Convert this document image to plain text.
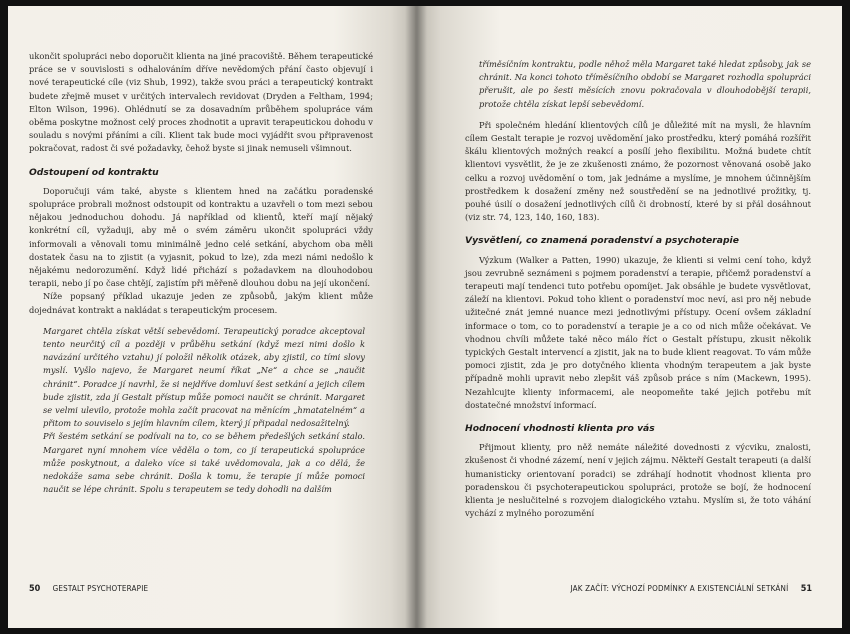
ukončit spolupráci nebo doporučit klienta na jiné pracoviště. Během terapeutické práce se v souvislosti s odhalováním dříve nevědomých přání často objevují i nové terapeutické cíle (viz Shub, 1992), takže svou práci a terapeutický kontrakt budete zřejmě muset v určitých intervalech revidovat (Dryden a Feltham, 1994; Elton Wilson, 1996). Ohlédnutí se za dosavadním průběhem spolupráce vám oběma poskytne možnost celý proces zhodnotit a upravit terapeutickou dohodu v souladu s novými přáními a cíli. Klient tak bude moci vyjádřit svou připravenost pokračovat, radost či své požadavky, čehož byste si jinak nemuseli všimnout.

Odstoupení od kontraktu

Doporučuji vám také, abyste s klientem hned na začátku poradenské spolupráce probrali možnost odstoupit od kontraktu a uzavřeli o tom mezi sebou nějakou jednoduchou dohodu. Já například od klientů, kteří mají nějaký konkrétní cíl, vyžaduji, aby mě o svém záměru ukončit spolupráci vždy informovali a věnovali tomu minimálně jedno celé setkání, abychom oba měli dostatek času na to zjistit (a vyjasnit, pokud to lze), zda mezi námi nedošlo k nějakému nedorozumění. Když lidé přichází s požadavkem na dlouhodobou terapii, nebo jí po čase chtějí, zajistím při měřeně dlouhou dobu na její ukončení.

Níže popsaný příklad ukazuje jeden ze způsobů, jakým klient může dojednávat kontrakt a nakládat s terapeutickým procesem.

Margaret chtěla získat větší sebevědomí. Terapeutický poradce akceptoval tento neurčitý cíl a později v průběhu setkání (když mezi nimi došlo k navázání určitého vztahu) jí položil několik otázek, aby zjistil, co tími slovy myslí. Vyšlo najevo, že Margaret neumí říkat „Ne“ a chce se „naučit chránit“. Poradce jí navrhl, že si nejdříve domluví šest setkání a jejich cílem bude zjistit, zda jí Gestalt přístup může pomoci naučit se chránit. Margaret se velmi ulevilo, protože mohla začít pracovat na měnícím „hmatatelném“ a přitom to souviselo s jejím hlavním cílem, který jí připadal nedosažitelný.

Při šestém setkání se podívali na to, co se během předešlých setkání stalo. Margaret nyní mnohem více věděla o tom, co jí terapeutická spolupráce může poskytnout, a daleko více si také uvědomovala, jak a co dělá, že nedokáže sama sebe chránit. Došla k tomu, že terapie jí může pomoci naučit se lépe chránit. Spolu s terapeutem se tedy dohodli na dalším

50 GESTALT PSYCHOTERAPIE

tříměsíčním kontraktu, podle něhož měla Margaret také hledat způsoby, jak se chránit. Na konci tohoto tříměsíčního období se Margaret rozhodla spolupráci přerušit, ale po šesti měsících znovu pokračovala v dlouhodobější terapii, protože chtěla získat lepší sebevědomí.

Při společném hledání klientových cílů je důležité mít na mysli, že hlavním cílem Gestalt terapie je rozvoj uvědomění jako prostředku, který pomáhá rozšířit škálu klientových možných reakcí a posílí jeho flexibilitu. Možná budete chtít klientovi vysvětlit, že je ze zkušenosti známo, že pozornost věnovaná osobě jako celku a rozvoj uvědomění o tom, jak jednáme a myslíme, je mnohem účinnějším prostředkem k dosažení změny než soustředění se na jednotlivé prožitky, tj. pouhé úsilí o dosažení jednotlivých cílů či drobností, které by si přál dosáhnout (viz str. 74, 123, 140, 160, 183).

Vysvětlení, co znamená poradenství a psychoterapie

Výzkum (Walker a Patten, 1990) ukazuje, že klienti si velmi cení toho, když jsou zevrubně seznámeni s pojmem poradenství a terapie, přičemž poradenství a terapeuti mají tendenci tuto potřebu opomíjet. Jak obsáhle je budete vysvětlovat, záleží na klientovi. Pokud toho klient o poradenství moc neví, asi pro něj nebude užitečné znát jemné nuance mezi jednotlivými přístupy. Ocení ovšem základní informace o tom, co to poradenství a terapie je a co od nich může očekávat. Ve vhodnou chvíli můžete také něco málo říct o Gestalt přístupu, zkusit několik typických Gestalt intervencí a zjistit, jak na to bude klient reagovat. To vám může pomoci zjistit, zda je pro dotyčného klienta vhodným terapeutem a jak byste případně mohli upravit nebo zlepšit váš způsob práce s ním (Mackewn, 1995). Nezahlcujte klienty informacemi, ale neopomeňte také jejich potřebu mít dostatečné množství informací.

Hodnocení vhodnosti klienta pro vás

Přijmout klienty, pro něž nemáte náležité dovednosti z výcviku, znalosti, zkušenost či vhodné zázemí, není v jejich zájmu. Někteří Gestalt terapeuti (a další humanisticky orientovaní poradci) se zdráhají hodnotit vhodnost klienta pro poradenskou či psychoterapeutickou spolupráci, protože se bojí, že hodnocení klienta je neslučitelné s rozvojem dialogického vztahu. Myslím si, že toto váhání vychází z mylného porozumění

JAK ZAČÍT: VÝCHOZÍ PODMÍNKY A EXISTENCIÁLNÍ SETKÁNÍ 51
